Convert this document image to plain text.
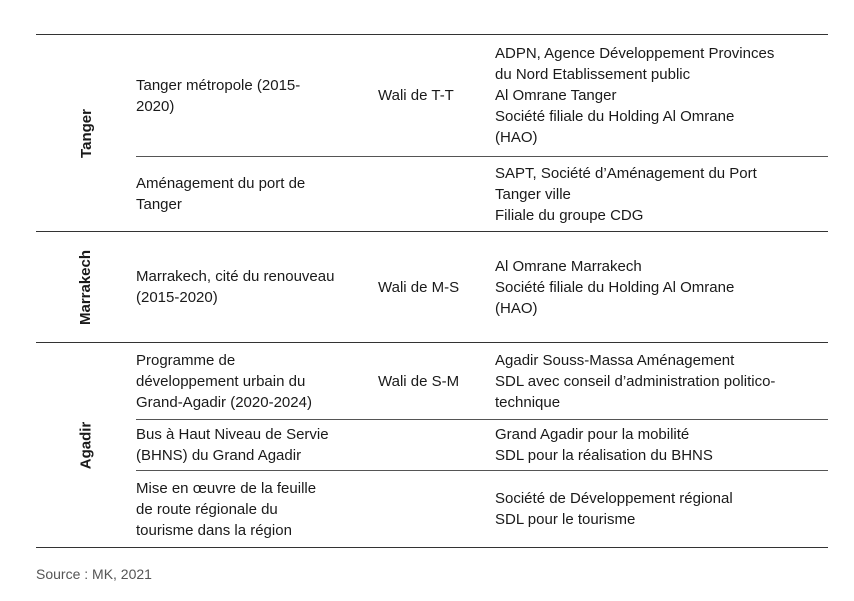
Tanger
Tanger métropole (2015-
2020)
Wali de T-T
ADPN, Agence Développement Provinces
du Nord Etablissement public
Al Omrane Tanger
Société filiale du Holding Al Omrane
(HAO)
Aménagement du port de
Tanger
SAPT, Société d’Aménagement du Port
Tanger ville
Filiale du groupe CDG
Marrakech	Marrakech, cité du renouveau
(2015-2020)
Wali de M-S
Al Omrane Marrakech
Société filiale du Holding Al Omrane
(HAO)
Agadir
Programme de
développement urbain du
Grand-Agadir (2020-2024)
Wali de S-M
Agadir Souss-Massa Aménagement
SDL avec conseil d’administration politico-
technique
Bus à Haut Niveau de Servie
(BHNS) du Grand Agadir
Grand Agadir pour la mobilité
SDL pour la réalisation du BHNS
Mise en œuvre de la feuille
de route régionale du
tourisme dans la région
Société de Développement régional
SDL pour le tourisme
Source : MK, 2021
